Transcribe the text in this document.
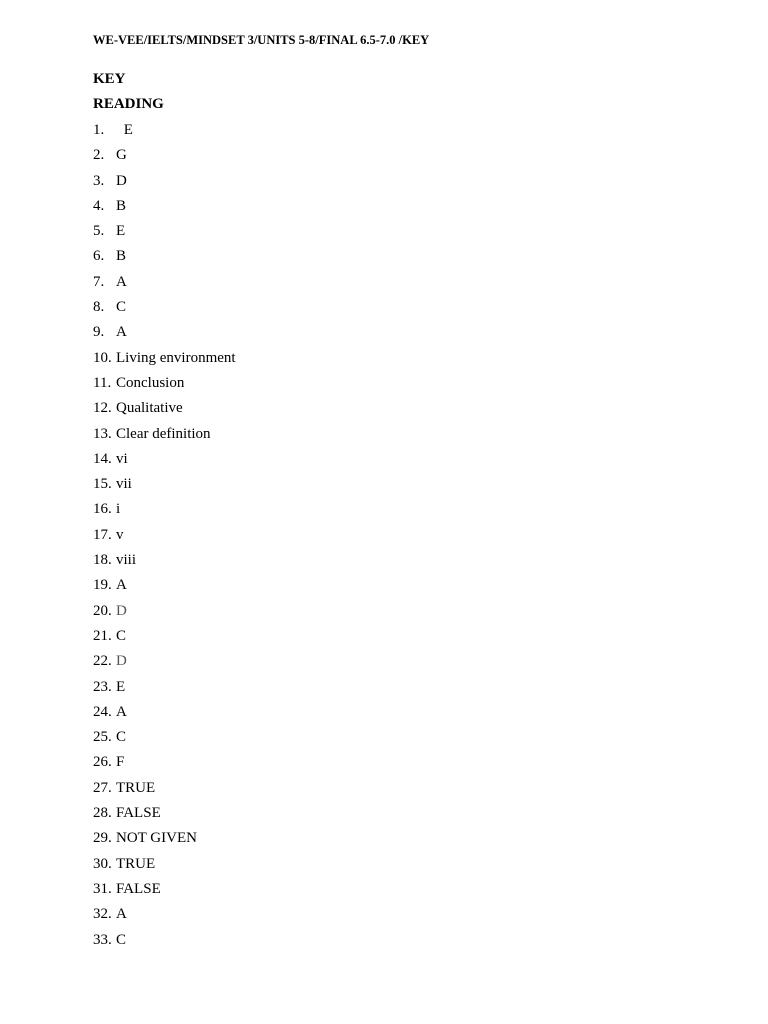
WE-VEE/IELTS/MINDSET 3/UNITS 5-8/FINAL 6.5-7.0 /KEY
KEY
READING
1. E
2. G
3. D
4. B
5. E
6. B
7. A
8. C
9. A
10. Living environment
11. Conclusion
12. Qualitative
13. Clear definition
14. vi
15. vii
16. i
17. v
18. viii
19. A
20. D
21. C
22. D
23. E
24. A
25. C
26. F
27. TRUE
28. FALSE
29. NOT GIVEN
30. TRUE
31. FALSE
32. A
33. C
